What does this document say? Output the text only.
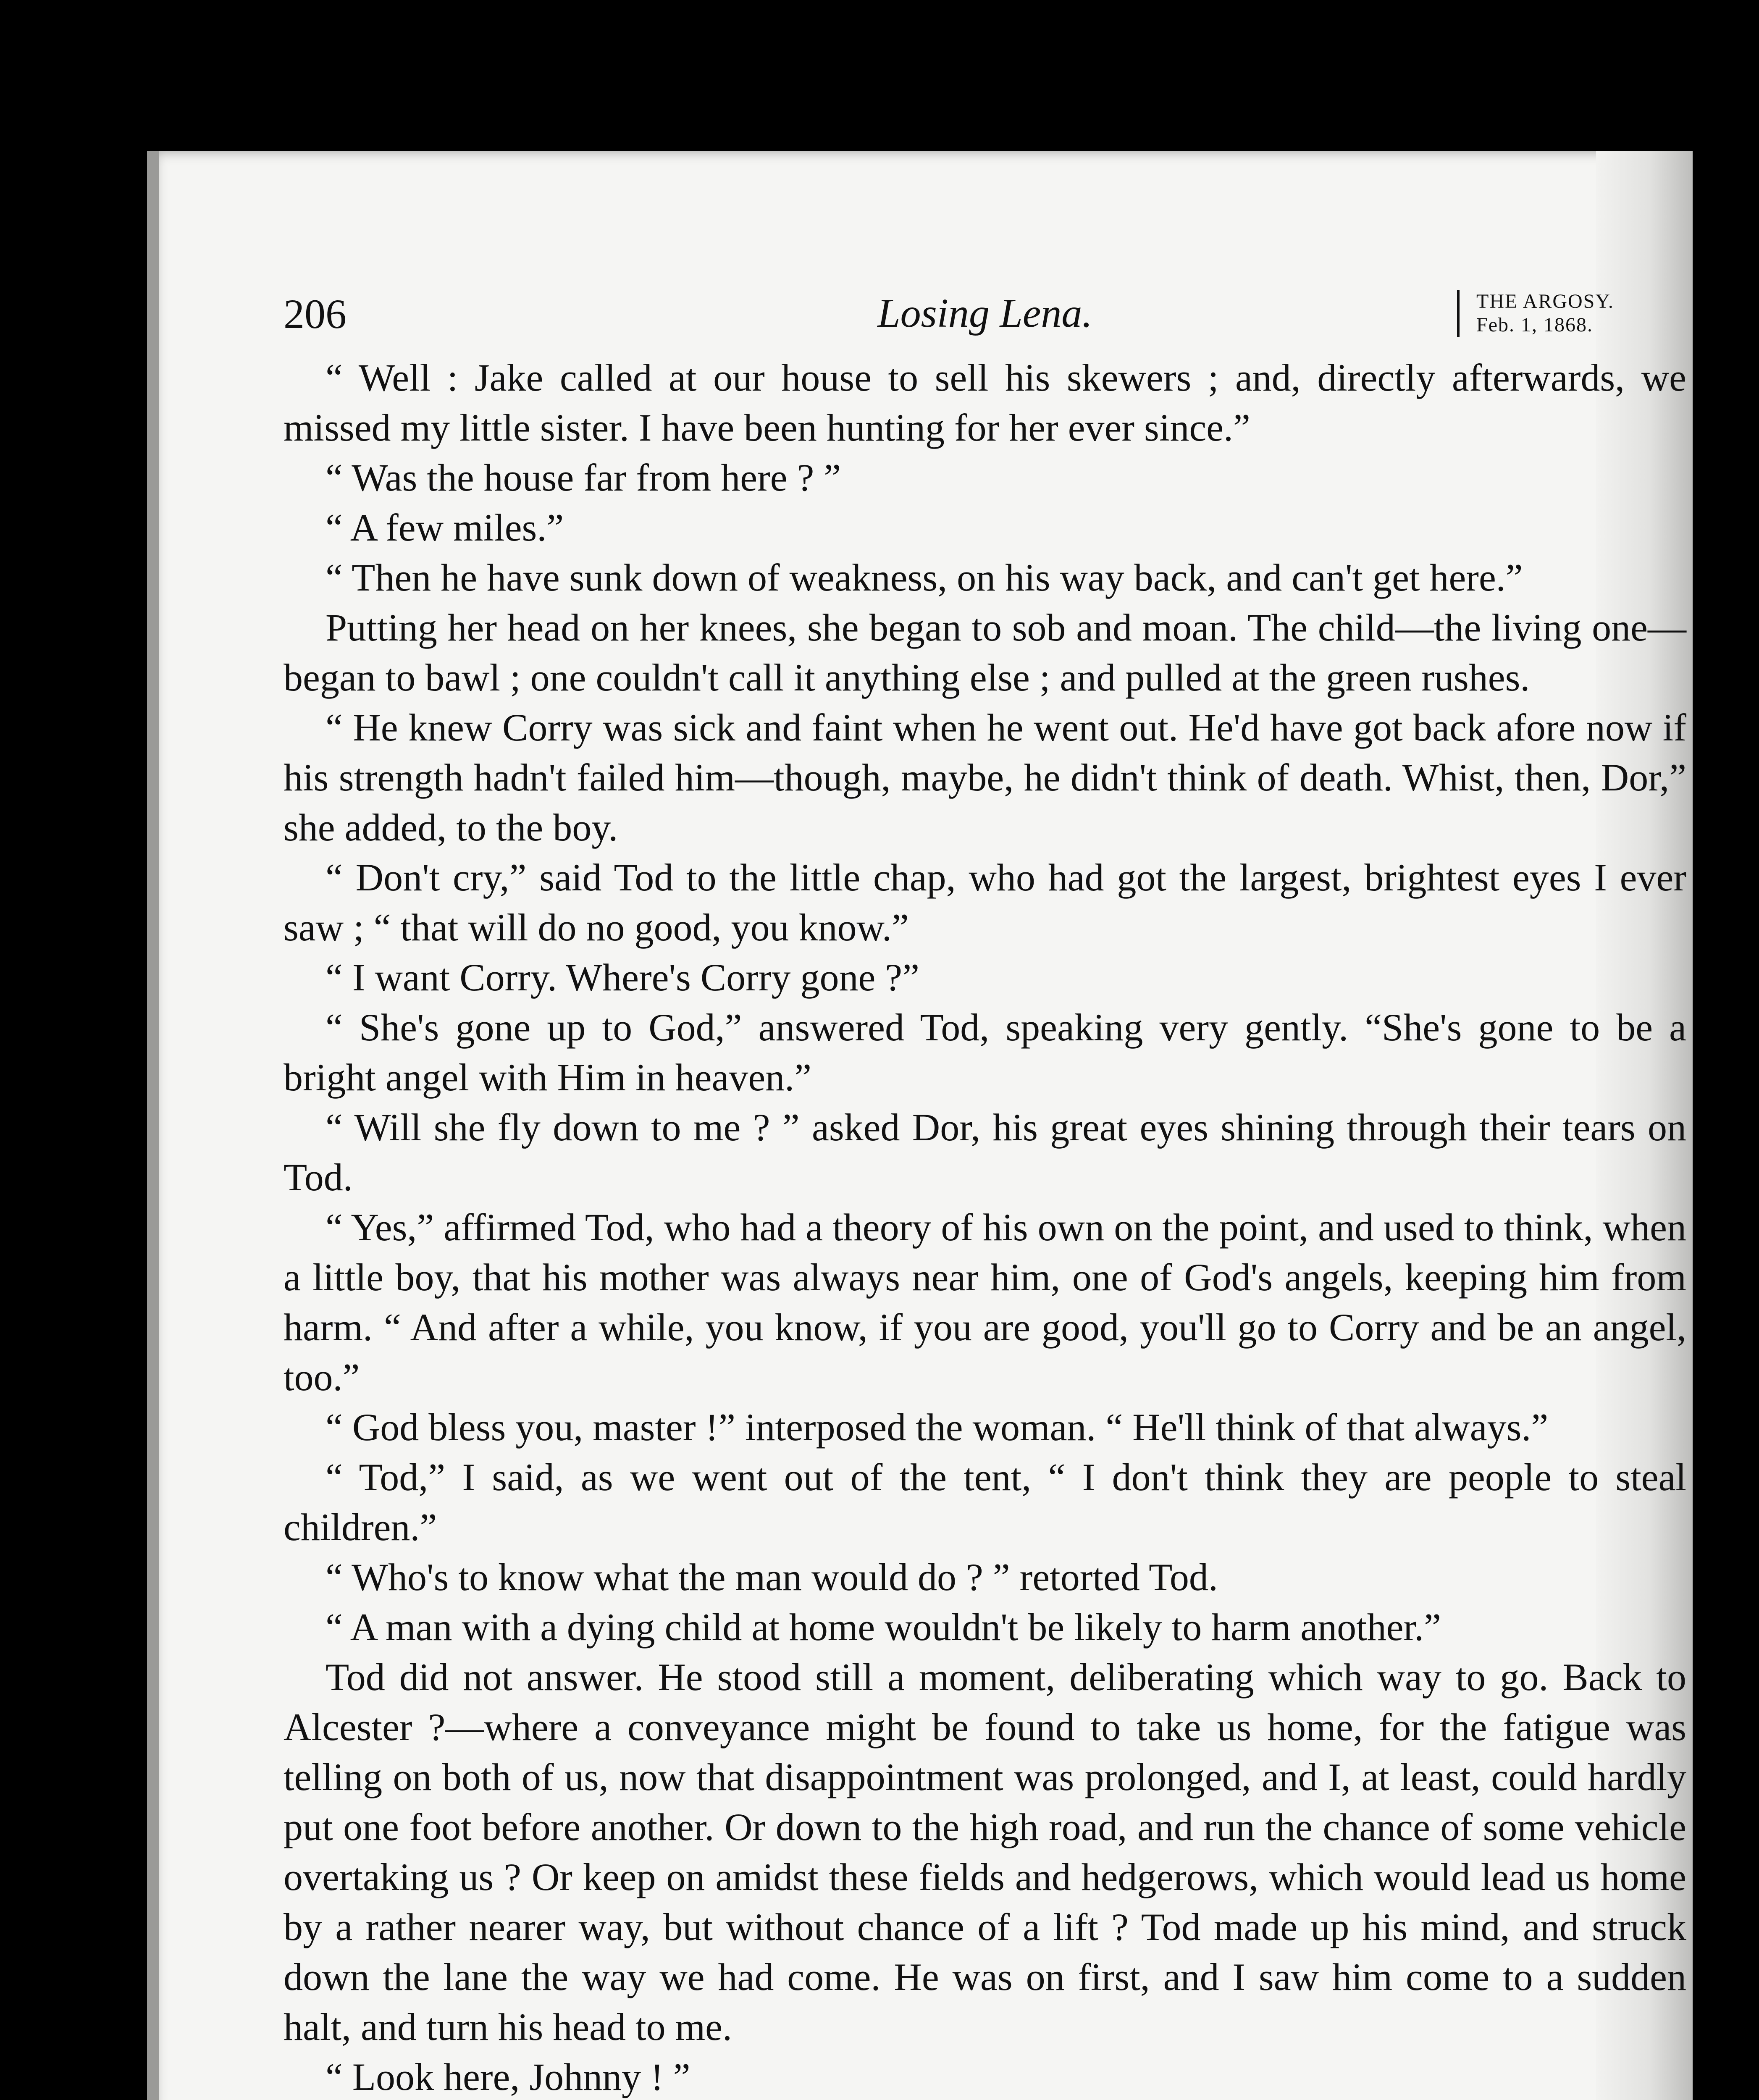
206	Losing Lena.	THE ARGOSY.
Feb. 1, 1868.

“ Well : Jake called at our house to sell his skewers ; and, directly afterwards, we missed my little sister. I have been hunting for her ever since.”

“ Was the house far from here ? ”

“ A few miles.”

“ Then he have sunk down of weakness, on his way back, and can't get here.”

Putting her head on her knees, she began to sob and moan. The child—the living one—began to bawl ; one couldn't call it anything else ; and pulled at the green rushes.

“ He knew Corry was sick and faint when he went out. He'd have got back afore now if his strength hadn't failed him—though, maybe, he didn't think of death. Whist, then, Dor,” she added, to the boy.

“ Don't cry,” said Tod to the little chap, who had got the largest, brightest eyes I ever saw ; “ that will do no good, you know.”

“ I want Corry. Where's Corry gone ?”

“ She's gone up to God,” answered Tod, speaking very gently. “She's gone to be a bright angel with Him in heaven.”

“ Will she fly down to me ? ” asked Dor, his great eyes shining through their tears on Tod.

“ Yes,” affirmed Tod, who had a theory of his own on the point, and used to think, when a little boy, that his mother was always near him, one of God's angels, keeping him from harm. “ And after a while, you know, if you are good, you'll go to Corry and be an angel, too.”

“ God bless you, master !” interposed the woman. “ He'll think of that always.”

“ Tod,” I said, as we went out of the tent, “ I don't think they are people to steal children.”

“ Who's to know what the man would do ? ” retorted Tod.

“ A man with a dying child at home wouldn't be likely to harm another.”

Tod did not answer. He stood still a moment, deliberating which way to go. Back to Alcester ?—where a conveyance might be found to take us home, for the fatigue was telling on both of us, now that disappointment was prolonged, and I, at least, could hardly put one foot before another. Or down to the high road, and run the chance of some vehicle overtaking us ? Or keep on amidst these fields and hedgerows, which would lead us home by a rather nearer way, but without chance of a lift ? Tod made up his mind, and struck down the lane the way we had come. He was on first, and I saw him come to a sudden halt, and turn his head to me.

“ Look here, Johnny ! ”
